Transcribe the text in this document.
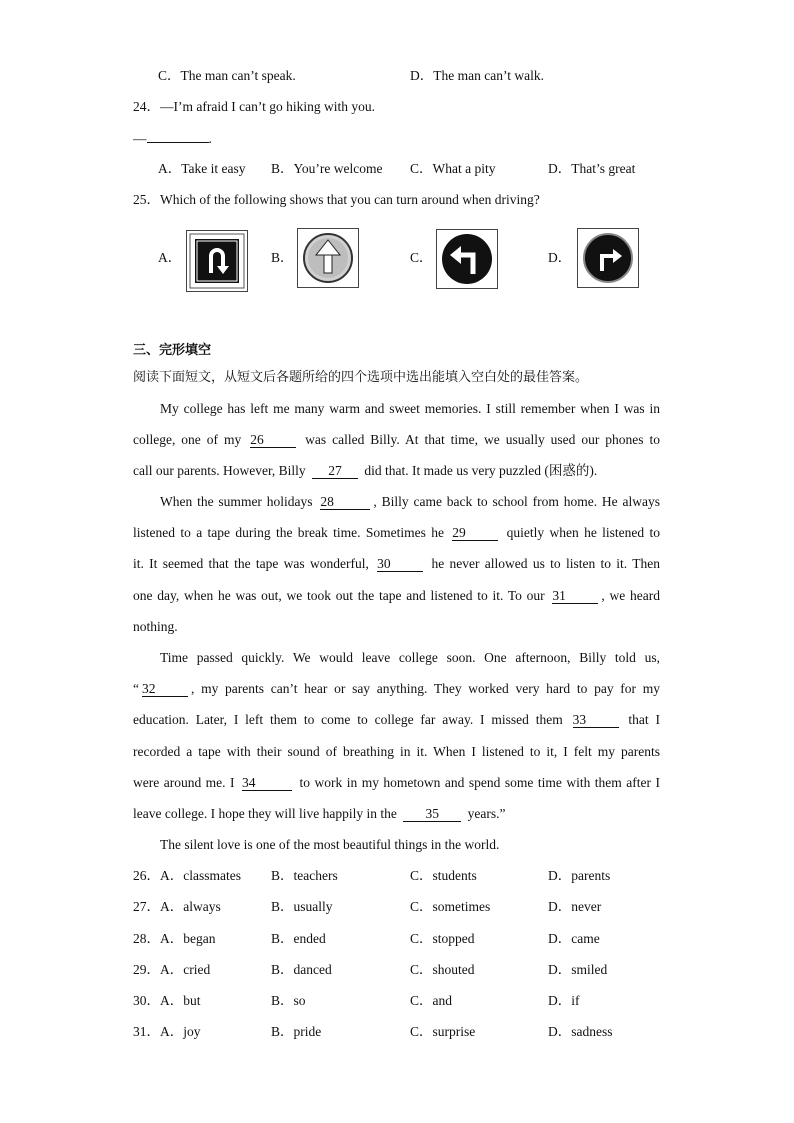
C．The man can’t speak.	D．The man can’t walk.
24．—I’m afraid I can’t go hiking with you.
—	.
A．Take it easy B．You’re welcome C．What a pity	D．That’s great
25．Which of the following shows that you can turn around when driving?
A．	B．	C．	D．
三、完形填空
阅读下面短文，从短文后各题所给的四个选项中选出能填入空白处的最佳答案。
My college has left me many warm and sweet memories. I still remember when I was in
college, one of my 26	was called Billy. At that time, we usually used our phones to
call our parents. However, Billy 27 did that. It made us very puzzled (困惑的).
When the summer holidays 28	, Billy came back to school from home. He always
listened to a tape during the break time. Sometimes he 29	quietly when he listened to
it. It seemed that the tape was wonderful, 30	he never allowed us to listen to it. Then
one day, when he was out, we took out the tape and listened to it. To our 31	, we heard
nothing.
Time passed quickly. We would leave college soon. One afternoon, Billy told us,
“ 32	, my parents can’t hear or say anything. They worked very hard to pay for my
education. Later, I left them to come to college far away. I missed them 33	that I
recorded a tape with their sound of breathing in it. When I listened to it, I felt my parents
were around me. I 34	to work in my hometown and spend some time with them after I
leave college. I hope they will live happily in the 35 years.”
The silent love is one of the most beautiful things in the world.
26． A．classmates B．teachers	C．students	D．parents
27． A．always	B．usually	C．sometimes	D．never
28． A．began	B．ended	C．stopped	D．came
29． A．cried	B．danced	C．shouted	D．smiled
30． A．but	B．so	C．and	D．if
31． A．joy	B．pride	C．surprise	D．sadness
